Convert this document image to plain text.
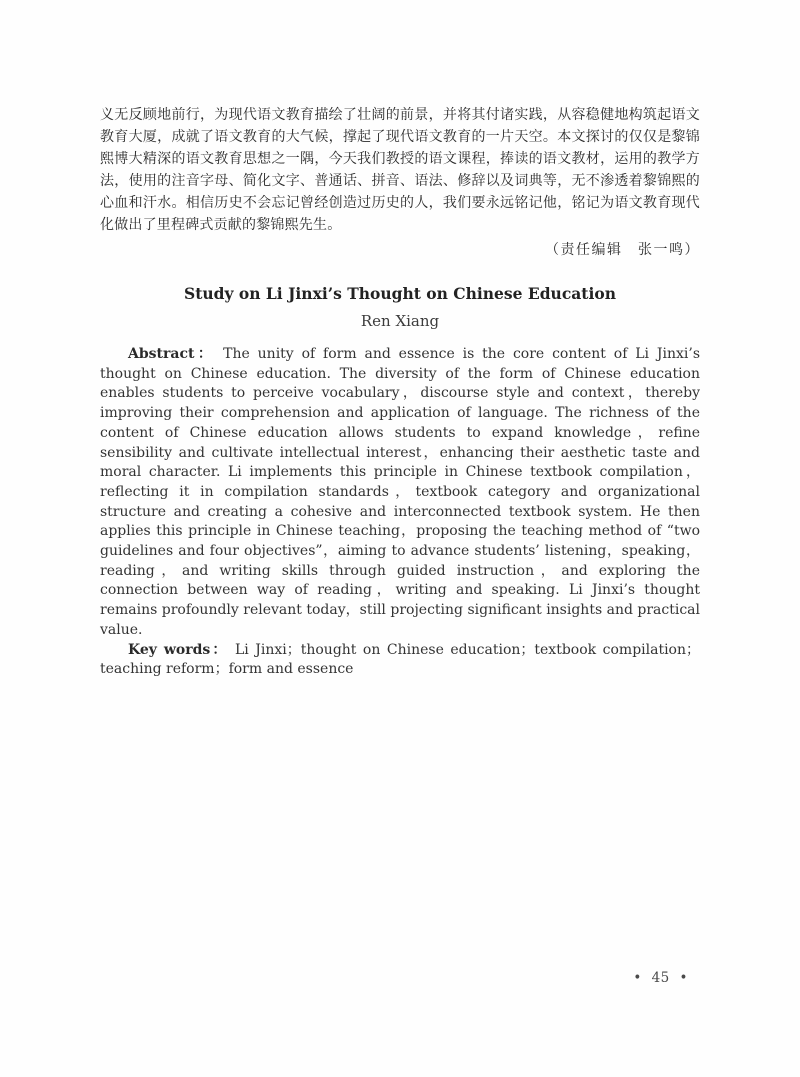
义无反顾地前行，为现代语文教育描绘了壮阔的前景，并将其付诸实践，从容稳健地构筑起语文教育大厦，成就了语文教育的大气候，撑起了现代语文教育的一片天空。本文探讨的仅仅是黎锦熙博大精深的语文教育思想之一隅，今天我们教授的语文课程，捧读的语文教材，运用的教学方法，使用的注音字母、简化文字、普通话、拼音、语法、修辞以及词典等，无不渗透着黎锦熙的心血和汗水。相信历史不会忘记曾经创造过历史的人，我们要永远铭记他，铭记为语文教育现代化做出了里程碑式贡献的黎锦熙先生。

（责任编辑　张一鸣）

Study on Li Jinxi’s Thought on Chinese Education
Ren Xiang

Abstract： The unity of form and essence is the core content of Li Jinxi’s thought on Chinese education. The diversity of the form of Chinese education enables students to perceive vocabulary，discourse style and context，thereby improving their comprehension and application of language. The richness of the content of Chinese education allows students to expand knowledge，refine sensibility and cultivate intellectual interest，enhancing their aesthetic taste and moral character. Li implements this principle in Chinese textbook compilation，reflecting it in compilation standards，textbook category and organizational structure and creating a cohesive and interconnected textbook system. He then applies this principle in Chinese teaching，proposing the teaching method of “two guidelines and four objectives”，aiming to advance students’ listening，speaking，reading，and writing skills through guided instruction，and exploring the connection between way of reading，writing and speaking. Li Jinxi’s thought remains profoundly relevant today，still projecting significant insights and practical value.

Key words： Li Jinxi；thought on Chinese education；textbook compilation；teaching reform；form and essence

• 45 •
